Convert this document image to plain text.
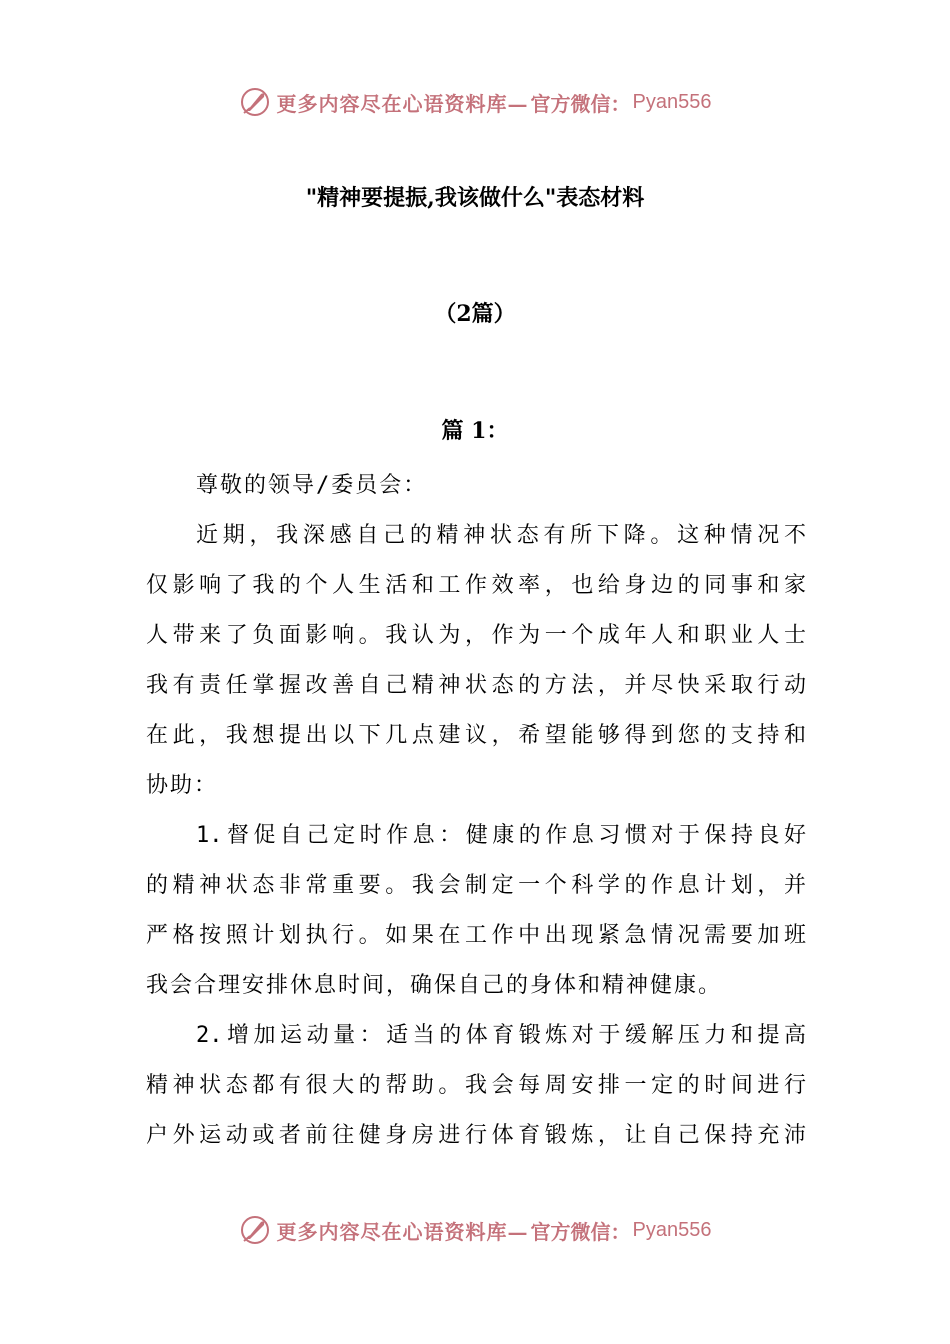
更多内容尽在心语资料库— 官方微信： Pyan556
"精神要提振,我该做什么"表态材料
（2篇）
篇 1：
尊敬的领导/委员会：
近期，我深感自己的精神状态有所下降。这种情况不
仅影响了我的个人生活和工作效率，也给身边的同事和家
人带来了负面影响。我认为，作为一个成年人和职业人士
我有责任掌握改善自己精神状态的方法，并尽快采取行动
在此，我想提出以下几点建议，希望能够得到您的支持和
协助：
1.督促自己定时作息：健康的作息习惯对于保持良好
的精神状态非常重要。我会制定一个科学的作息计划，并
严格按照计划执行。如果在工作中出现紧急情况需要加班
我会合理安排休息时间，确保自己的身体和精神健康。
2.增加运动量：适当的体育锻炼对于缓解压力和提高
精神状态都有很大的帮助。我会每周安排一定的时间进行
户外运动或者前往健身房进行体育锻炼，让自己保持充沛
更多内容尽在心语资料库— 官方微信： Pyan556
